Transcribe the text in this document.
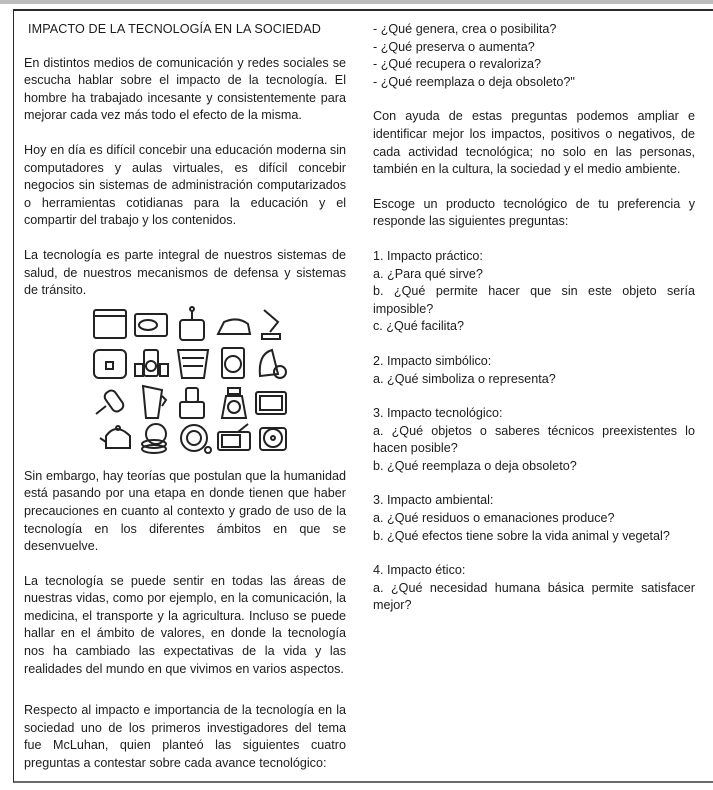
IMPACTO DE LA TECNOLOGÍA EN LA SOCIEDAD

En distintos medios de comunicación y redes sociales se escucha hablar sobre el impacto de la tecnología. El hombre ha trabajado incesante y consistentemente para mejorar cada vez más todo el efecto de la misma.

Hoy en día es difícil concebir una educación moderna sin computadores y aulas virtuales, es difícil concebir negocios sin sistemas de administración computarizados o herramientas cotidianas para la educación y el compartir del trabajo y los contenidos.

La tecnología es parte integral de nuestros sistemas de salud, de nuestros mecanismos de defensa y sistemas de tránsito.

Sin embargo, hay teorías que postulan que la humanidad está pasando por una etapa en donde tienen que haber precauciones en cuanto al contexto y grado de uso de la tecnología en los diferentes ámbitos en que se desenvuelve.

La tecnología se puede sentir en todas las áreas de nuestras vidas, como por ejemplo, en la comunicación, la medicina, el transporte y la agricultura. Incluso se puede hallar en el ámbito de valores, en donde la tecnología nos ha cambiado las expectativas de la vida y las realidades del mundo en que vivimos en varios aspectos.

Respecto al impacto e importancia de la tecnología en la sociedad uno de los primeros investigadores del tema fue McLuhan, quien planteó las siguientes cuatro preguntas a contestar sobre cada avance tecnológico:

- ¿Qué genera, crea o posibilita?
- ¿Qué preserva o aumenta?
- ¿Qué recupera o revaloriza?
- ¿Qué reemplaza o deja obsoleto?"

Con ayuda de estas preguntas podemos ampliar e identificar mejor los impactos, positivos o negativos, de cada actividad tecnológica; no solo en las personas, también en la cultura, la sociedad y el medio ambiente.

Escoge un producto tecnológico de tu preferencia y responde las siguientes preguntas:

1. Impacto práctico:
a. ¿Para qué sirve?
b. ¿Qué permite hacer que sin este objeto sería imposible?
c. ¿Qué facilita?
2. Impacto simbólico:
a. ¿Qué simboliza o representa?
3. Impacto tecnológico:
a. ¿Qué objetos o saberes técnicos preexistentes lo hacen posible?
b. ¿Qué reemplaza o deja obsoleto?
3. Impacto ambiental:
a. ¿Qué residuos o emanaciones produce?
b. ¿Qué efectos tiene sobre la vida animal y vegetal?
4. Impacto ético:
a. ¿Qué necesidad humana básica permite satisfacer mejor?
